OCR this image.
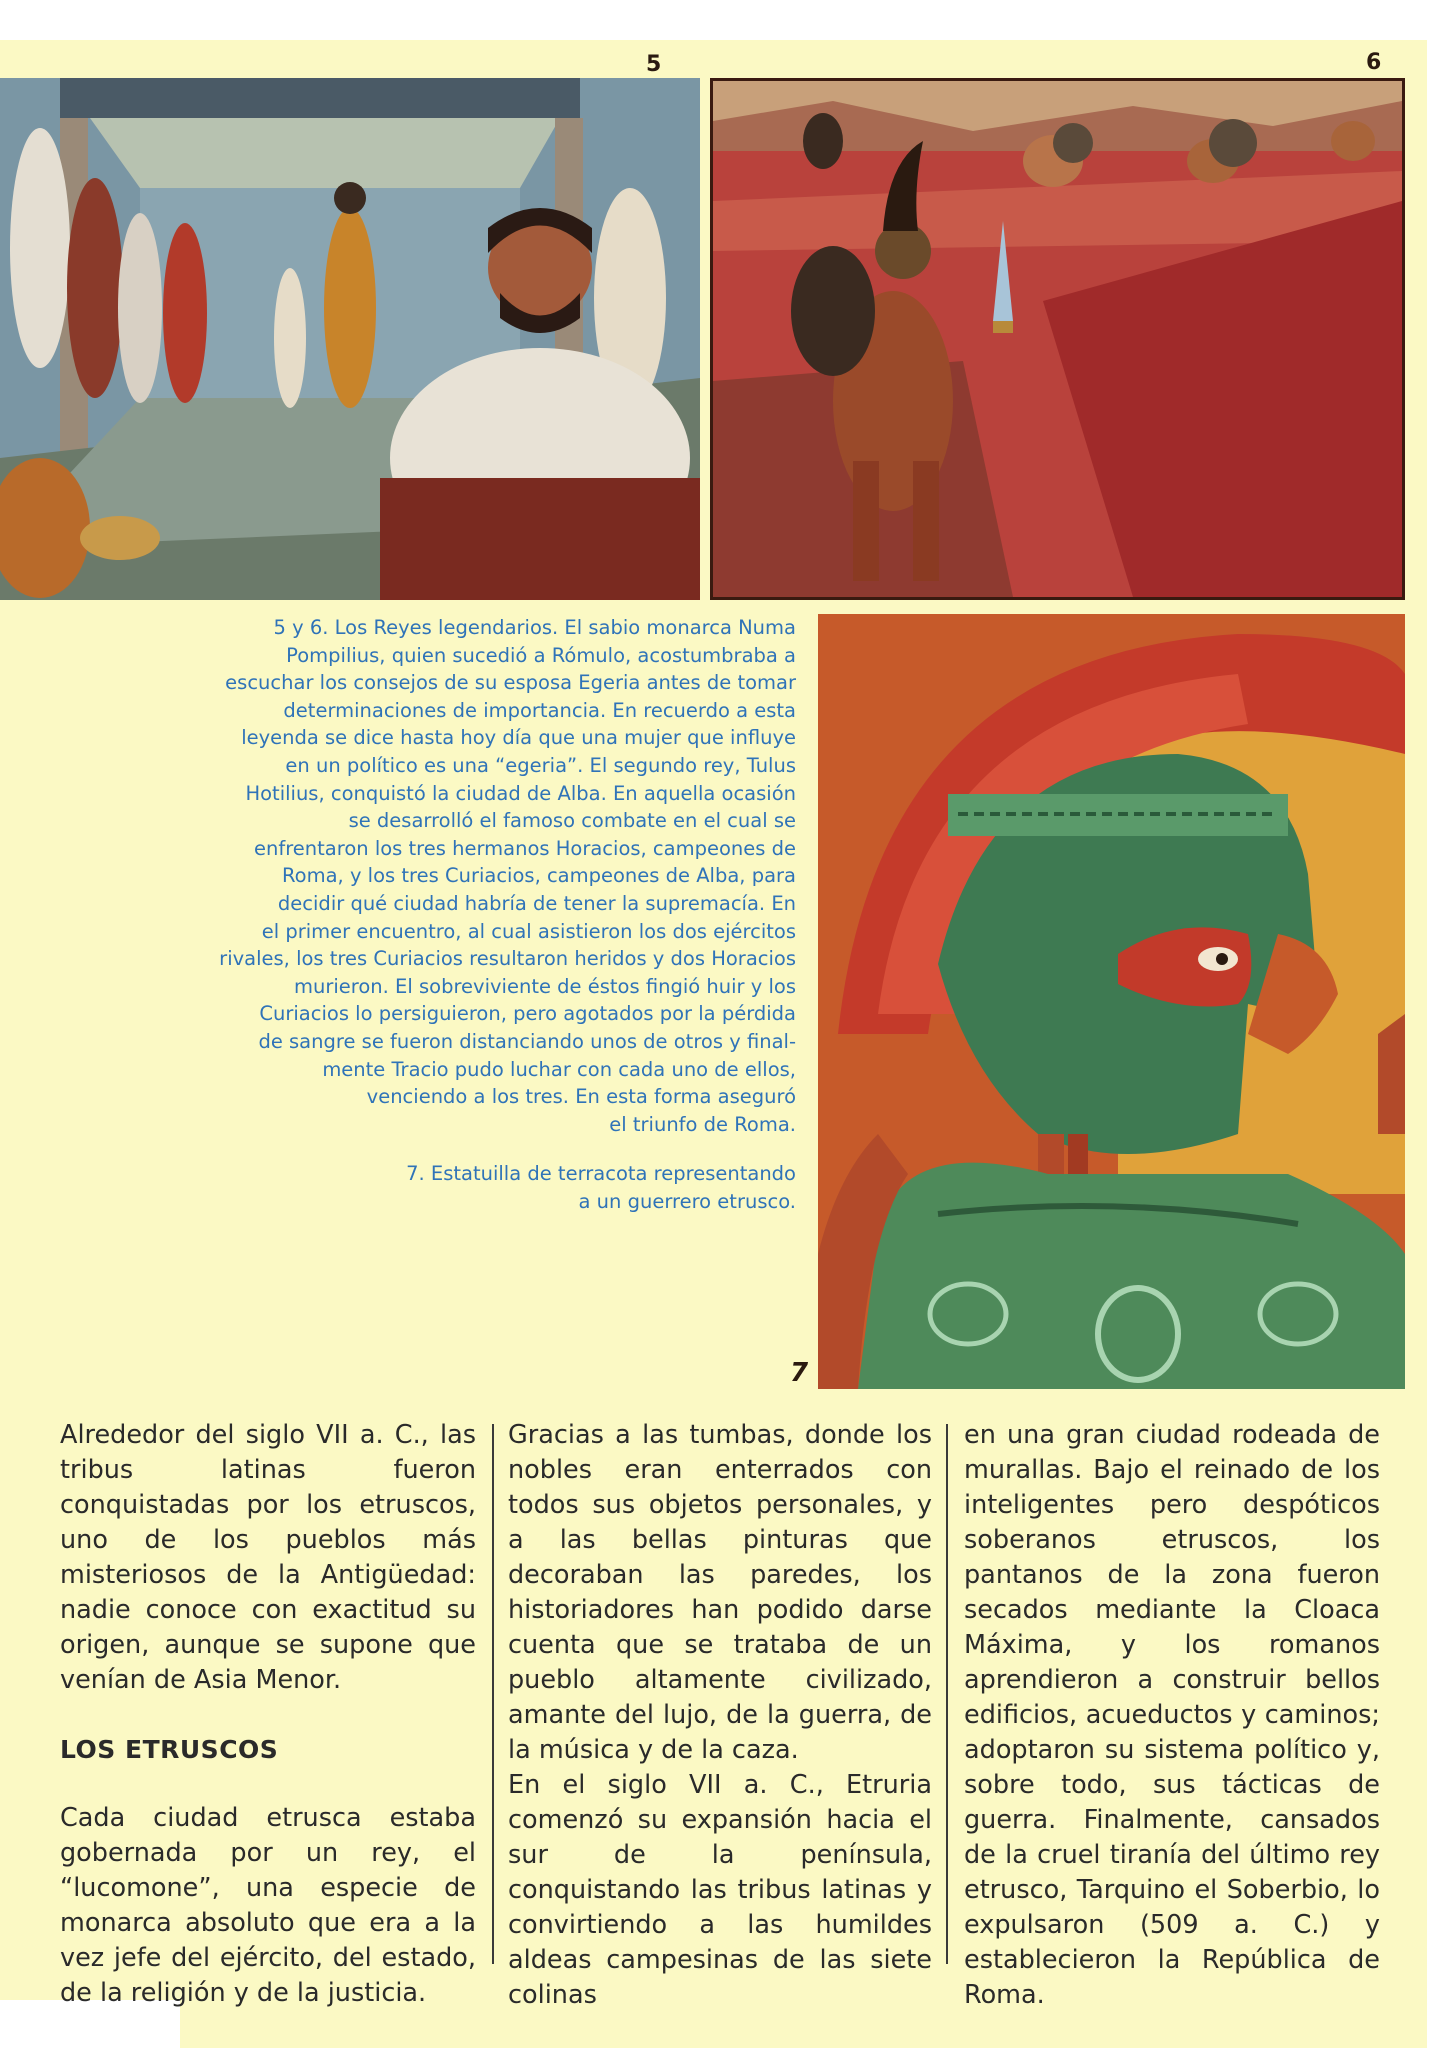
5	6
7
5 y 6. Los Reyes legendarios. El sabio monarca Numa
Pompilius, quien sucedió a Rómulo, acostumbraba a
escuchar los consejos de su esposa Egeria antes de tomar
determinaciones de importancia. En recuerdo a esta
leyenda se dice hasta hoy día que una mujer que influye
en un político es una “egeria”. El segundo rey, Tulus
Hotilius, conquistó la ciudad de Alba. En aquella ocasión
se desarrolló el famoso combate en el cual se
enfrentaron los tres hermanos Horacios, campeones de
Roma, y los tres Curiacios, campeones de Alba, para
decidir qué ciudad habría de tener la supremacía. En
el primer encuentro, al cual asistieron los dos ejércitos
rivales, los tres Curiacios resultaron heridos y dos Horacios
murieron. El sobreviviente de éstos fingió huir y los
Curiacios lo persiguieron, pero agotados por la pérdida
de sangre se fueron distanciando unos de otros y final-
mente Tracio pudo luchar con cada uno de ellos,
venciendo a los tres. En esta forma aseguró
el triunfo de Roma.
7. Estatuilla de terracota representando
a un guerrero etrusco.

Alrededor del siglo VII a. C., las tribus latinas fueron conquistadas por los etruscos, uno de los pueblos más misteriosos de la Antigüedad: nadie conoce con exactitud su origen, aunque se supone que venían de Asia Menor.

LOS ETRUSCOS

Cada ciudad etrusca estaba gobernada por un rey, el “lucomone”, una especie de monarca absoluto que era a la vez jefe del ejército, del estado, de la religión y de la justicia.

Gracias a las tumbas, donde los nobles eran enterrados con todos sus objetos personales, y a las bellas pinturas que decoraban las paredes, los historiadores han podido darse cuenta que se trataba de un pueblo altamente civilizado, amante del lujo, de la guerra, de la música y de la caza.

En el siglo VII a. C., Etruria comenzó su expansión hacia el sur de la península, conquistando las tribus latinas y convirtiendo a las humildes aldeas campesinas de las siete colinas

en una gran ciudad rodeada de murallas. Bajo el reinado de los inteligentes pero despóticos soberanos etruscos, los pantanos de la zona fueron secados mediante la Cloaca Máxima, y los romanos aprendieron a construir bellos edificios, acueductos y caminos; adoptaron su sistema político y, sobre todo, sus tácticas de guerra. Finalmente, cansados de la cruel tiranía del último rey etrusco, Tarquino el Soberbio, lo expulsaron (509 a. C.) y establecieron la República de Roma.
